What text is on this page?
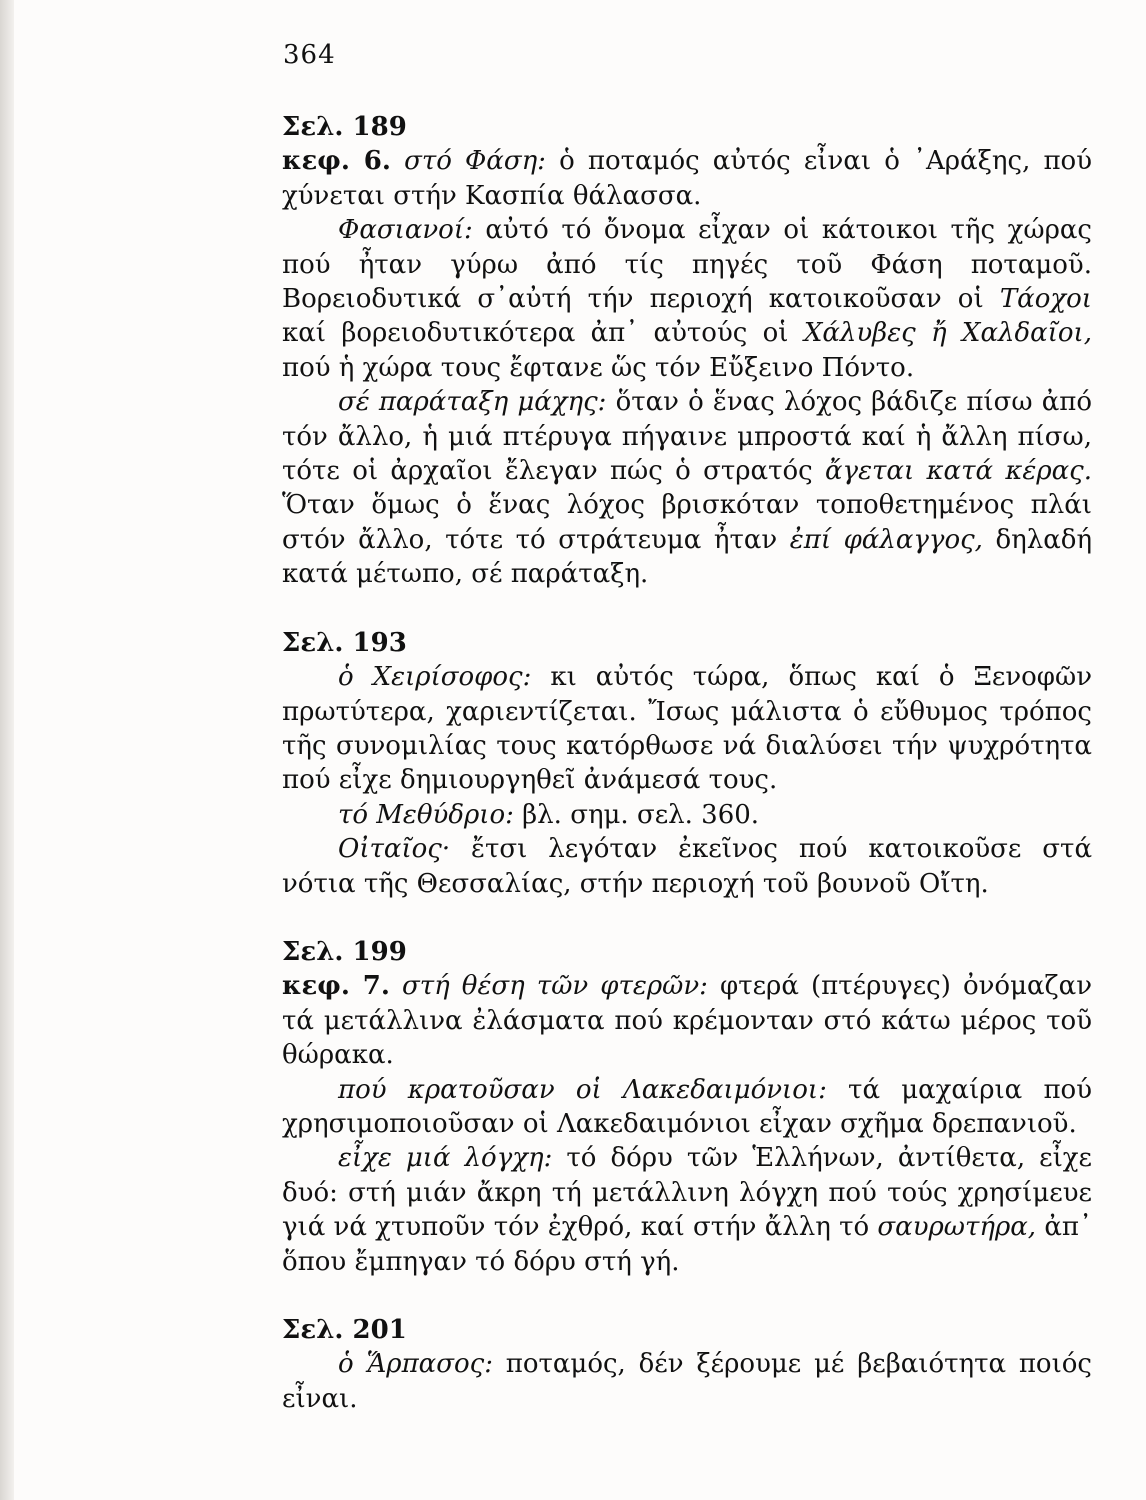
364
Σελ. 189

κεφ. 6. στό Φάση: ὁ ποταμός αὐτός εἶναι ὁ ᾿Αράξης, πού χύνεται στήν Κασπία θάλασσα.

Φασιανοί: αὐτό τό ὄνομα εἶχαν οἱ κάτοικοι τῆς χώρας πού ἦταν γύρω ἀπό τίς πηγές τοῦ Φάση ποταμοῦ. Βορειοδυτικά σ᾿αὐτή τήν περιοχή κατοικοῦσαν οἱ Τάοχοι καί βορειοδυτικότερα ἀπ᾿ αὐτούς οἱ Χάλυβες ἤ Χαλδαῖοι, πού ἡ χώρα τους ἔφτανε ὥς τόν Εὔξεινο Πόντο.

σέ παράταξη μάχης: ὅταν ὁ ἕνας λόχος βάδιζε πίσω ἀπό τόν ἄλλο, ἡ μιά πτέρυγα πήγαινε μπροστά καί ἡ ἄλλη πίσω, τότε οἱ ἀρχαῖοι ἔλεγαν πώς ὁ στρατός ἄγεται κατά κέρας. Ὅταν ὅμως ὁ ἕνας λόχος βρισκόταν τοποθετημένος πλάι στόν ἄλλο, τότε τό στράτευμα ἦταν ἐπί φάλαγγος, δηλαδή κατά μέτωπο, σέ παράταξη.

Σελ. 193

ὁ Χειρίσοφος: κι αὐτός τώρα, ὅπως καί ὁ Ξενοφῶν πρωτύτερα, χαριεντίζεται. Ἴσως μάλιστα ὁ εὔθυμος τρόπος τῆς συνομιλίας τους κατόρθωσε νά διαλύσει τήν ψυχρότητα πού εἶχε δημιουργηθεῖ ἀνάμεσά τους.

τό Μεθύδριο: βλ. σημ. σελ. 360.

Οἰταῖος· ἔτσι λεγόταν ἐκεῖνος πού κατοικοῦσε στά νότια τῆς Θεσσαλίας, στήν περιοχή τοῦ βουνοῦ Οἴτη.

Σελ. 199

κεφ. 7. στή θέση τῶν φτερῶν: φτερά (πτέρυγες) ὀνόμαζαν τά μετάλλινα ἐλάσματα πού κρέμονταν στό κάτω μέρος τοῦ θώρακα.

πού κρατοῦσαν οἱ Λακεδαιμόνιοι: τά μαχαίρια πού χρησιμοποιοῦσαν οἱ Λακεδαιμόνιοι εἶχαν σχῆμα δρεπανιοῦ.

εἶχε μιά λόγχη: τό δόρυ τῶν Ἑλλήνων, ἀντίθετα, εἶχε δυό: στή μιάν ἄκρη τή μετάλλινη λόγχη πού τούς χρησίμευε γιά νά χτυποῦν τόν ἐχθρό, καί στήν ἄλλη τό σαυρωτήρα, ἀπ᾿ ὅπου ἔμπηγαν τό δόρυ στή γή.

Σελ. 201

ὁ Ἅρπασος: ποταμός, δέν ξέρουμε μέ βεβαιότητα ποιός εἶναι.
